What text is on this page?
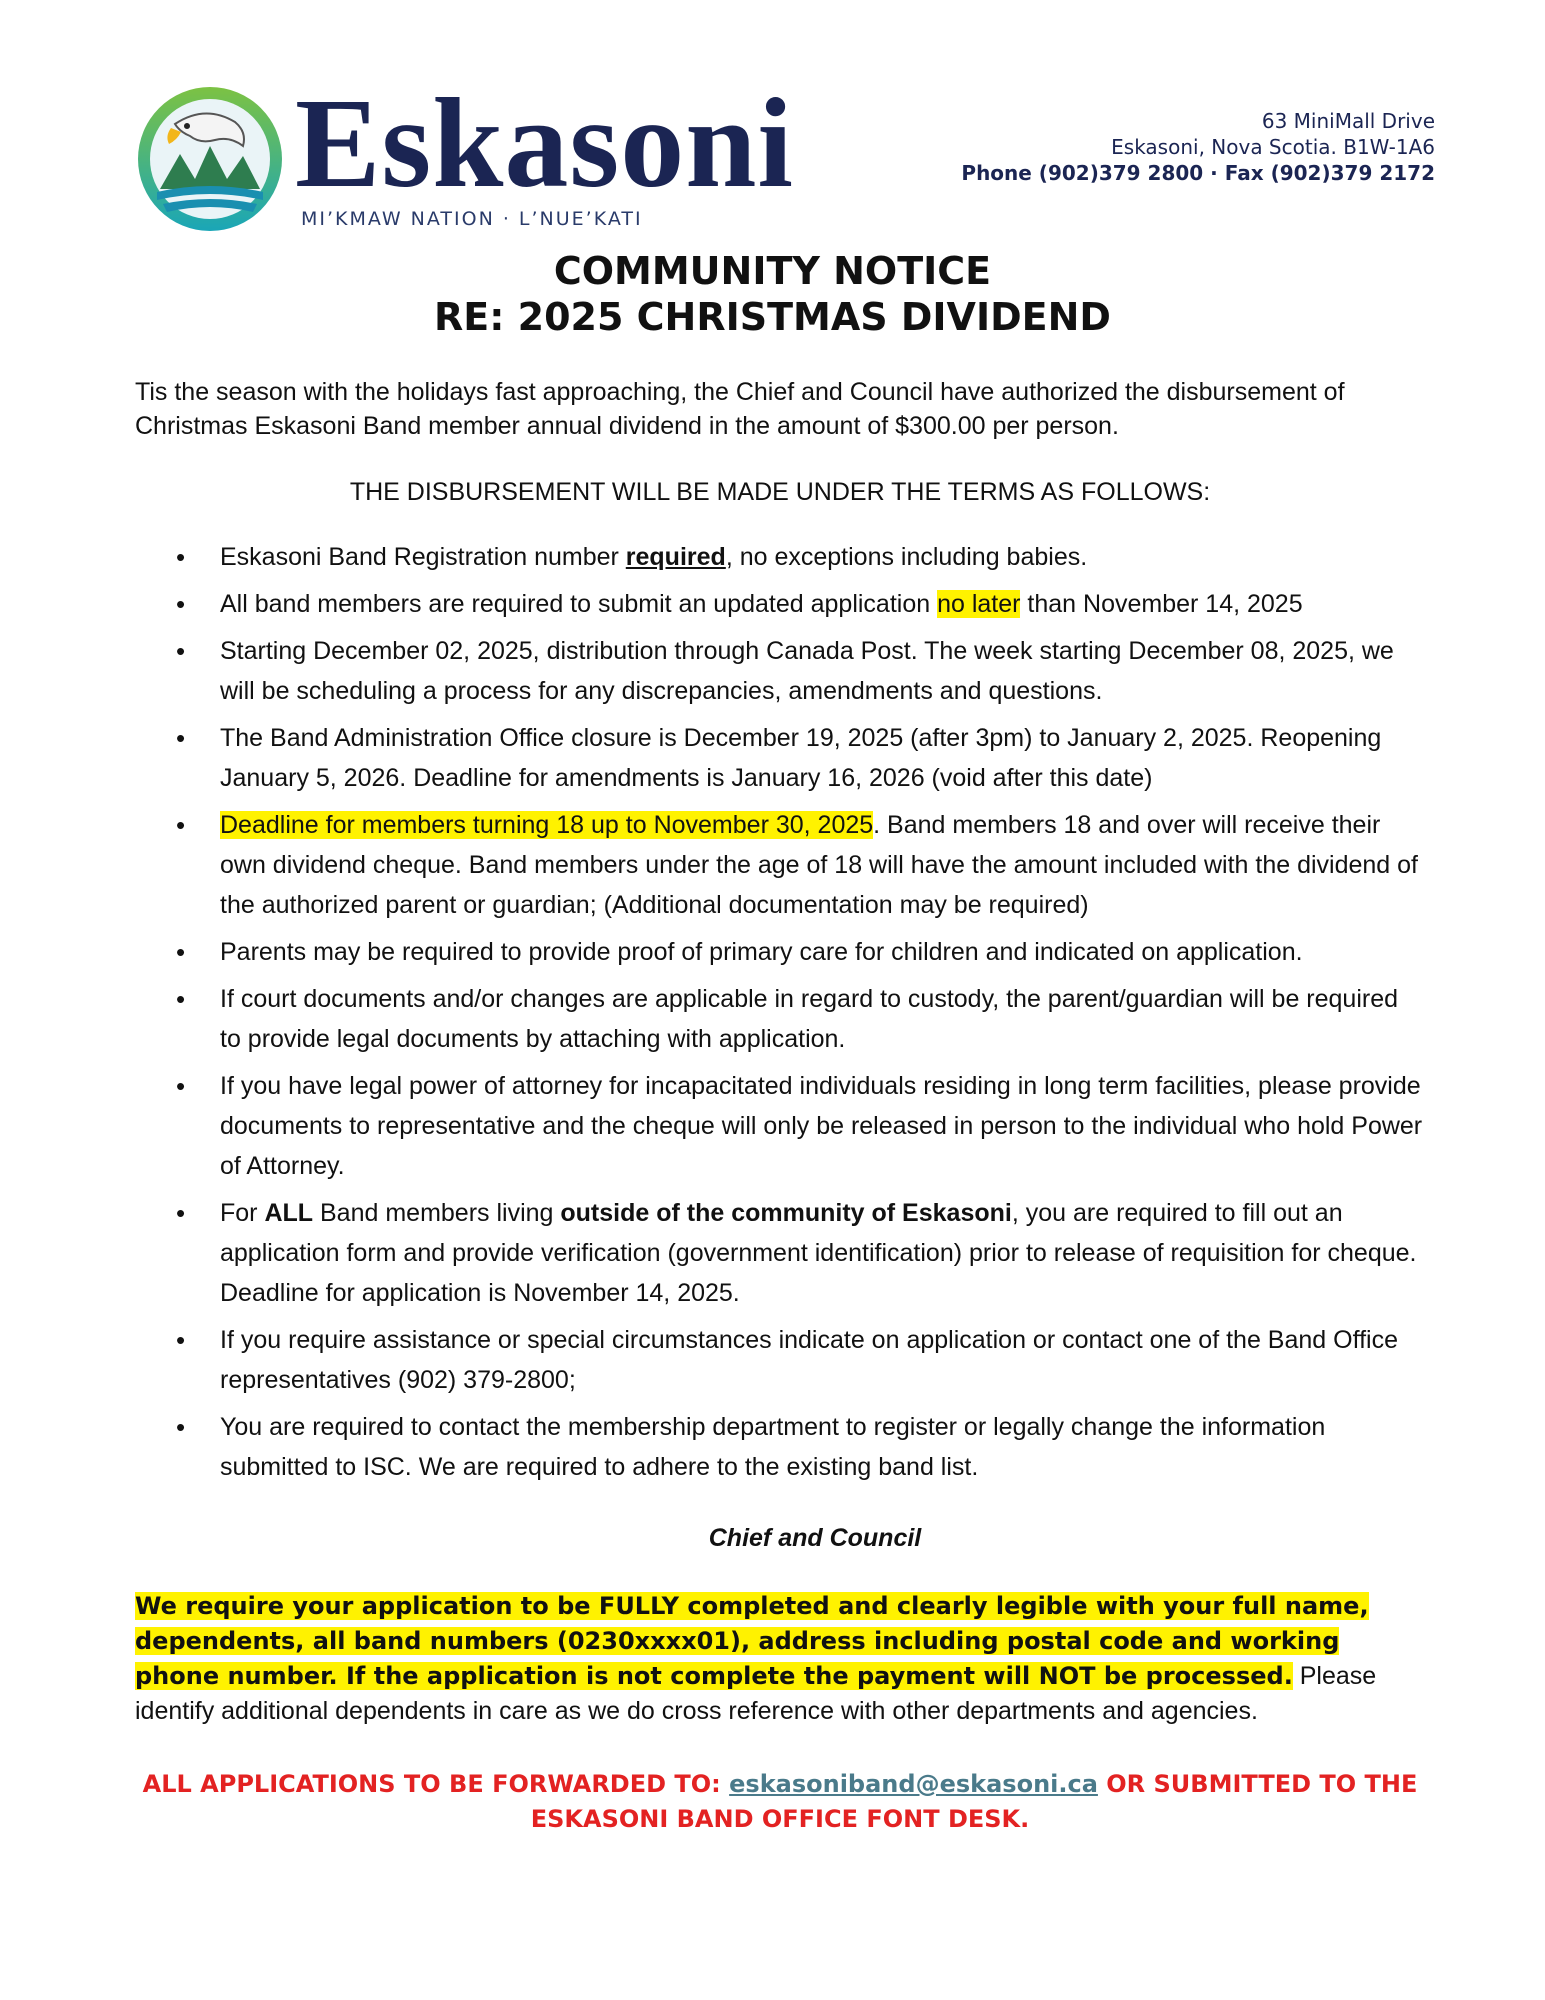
Eskasoni
MI’KMAW NATION · L’NUE’KATI
63 MiniMall Drive
Eskasoni, Nova Scotia. B1W-1A6
Phone (902)379 2800 · Fax (902)379 2172
COMMUNITY NOTICE
RE: 2025 CHRISTMAS DIVIDEND

Tis the season with the holidays fast approaching, the Chief and Council have authorized the disbursement of Christmas Eskasoni Band member annual dividend in the amount of $300.00 per person.

THE DISBURSEMENT WILL BE MADE UNDER THE TERMS AS FOLLOWS:
• Eskasoni Band Registration number required, no exceptions including babies.
• All band members are required to submit an updated application no later than November 14, 2025
• Starting December 02, 2025, distribution through Canada Post. The week starting December 08, 2025, we will be scheduling a process for any discrepancies, amendments and questions.
• The Band Administration Office closure is December 19, 2025 (after 3pm) to January 2, 2025. Reopening January 5, 2026. Deadline for amendments is January 16, 2026 (void after this date)
• Deadline for members turning 18 up to November 30, 2025. Band members 18 and over will receive their own dividend cheque. Band members under the age of 18 will have the amount included with the dividend of the authorized parent or guardian; (Additional documentation may be required)
• Parents may be required to provide proof of primary care for children and indicated on application.
• If court documents and/or changes are applicable in regard to custody, the parent/guardian will be required to provide legal documents by attaching with application.
• If you have legal power of attorney for incapacitated individuals residing in long term facilities, please provide documents to representative and the cheque will only be released in person to the individual who hold Power of Attorney.
• For ALL Band members living outside of the community of Eskasoni, you are required to fill out an application form and provide verification (government identification) prior to release of requisition for cheque. Deadline for application is November 14, 2025.
• If you require assistance or special circumstances indicate on application or contact one of the Band Office representatives (902) 379-2800;
• You are required to contact the membership department to register or legally change the information submitted to ISC. We are required to adhere to the existing band list.
Chief and Council

We require your application to be FULLY completed and clearly legible with your full name, dependents, all band numbers (0230xxxx01), address including postal code and working phone number. If the application is not complete the payment will NOT be processed. Please identify additional dependents in care as we do cross reference with other departments and agencies.

ALL APPLICATIONS TO BE FORWARDED TO: eskasoniband@eskasoni.ca OR SUBMITTED TO THE ESKASONI BAND OFFICE FONT DESK.
